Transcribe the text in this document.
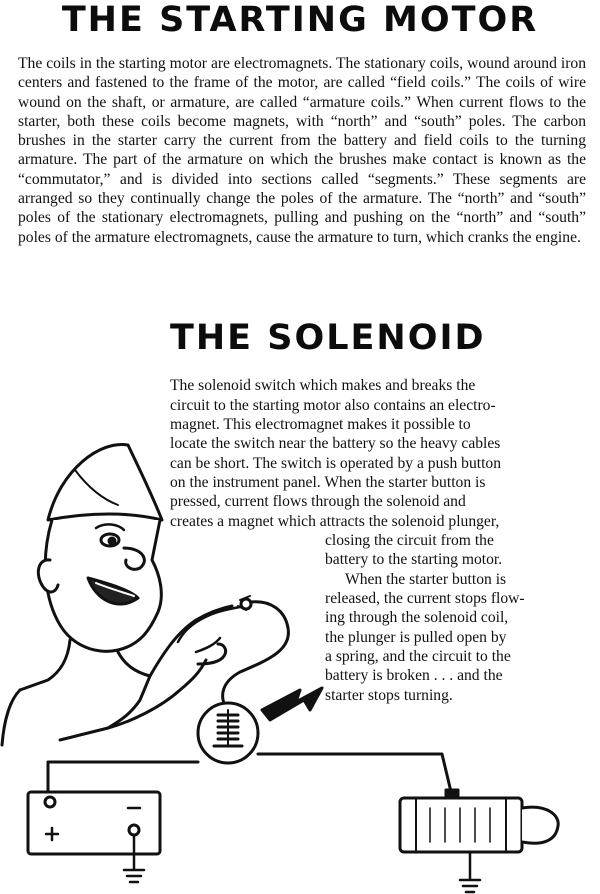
THE STARTING MOTOR

The coils in the starting motor are electromagnets. The stationary coils, wound around iron centers and fastened to the frame of the motor, are called “field coils.” The coils of wire wound on the shaft, or armature, are called “armature coils.” When current flows to the starter, both these coils become magnets, with “north” and “south” poles. The carbon brushes in the starter carry the current from the battery and field coils to the turning armature. The part of the armature on which the brushes make contact is known as the “commutator,” and is divided into sections called “segments.” These segments are arranged so they continually change the poles of the armature. The “north” and “south” poles of the stationary electromagnets, pulling and pushing on the “north” and “south” poles of the armature electromagnets, cause the armature to turn, which cranks the engine.

THE SOLENOID
The solenoid switch which makes and breaks the
circuit to the starting motor also contains an electro-
magnet. This electromagnet makes it possible to
locate the switch near the battery so the heavy cables
can be short. The switch is operated by a push button
on the instrument panel. When the starter button is
pressed, current flows through the solenoid and
creates a magnet which attracts the solenoid plunger,
closing the circuit from the
battery to the starting motor.
When the starter button is
released, the current stops flow-
ing through the solenoid coil,
the plunger is pulled open by
a spring, and the circuit to the
battery is broken . . . and the
starter stops turning.
